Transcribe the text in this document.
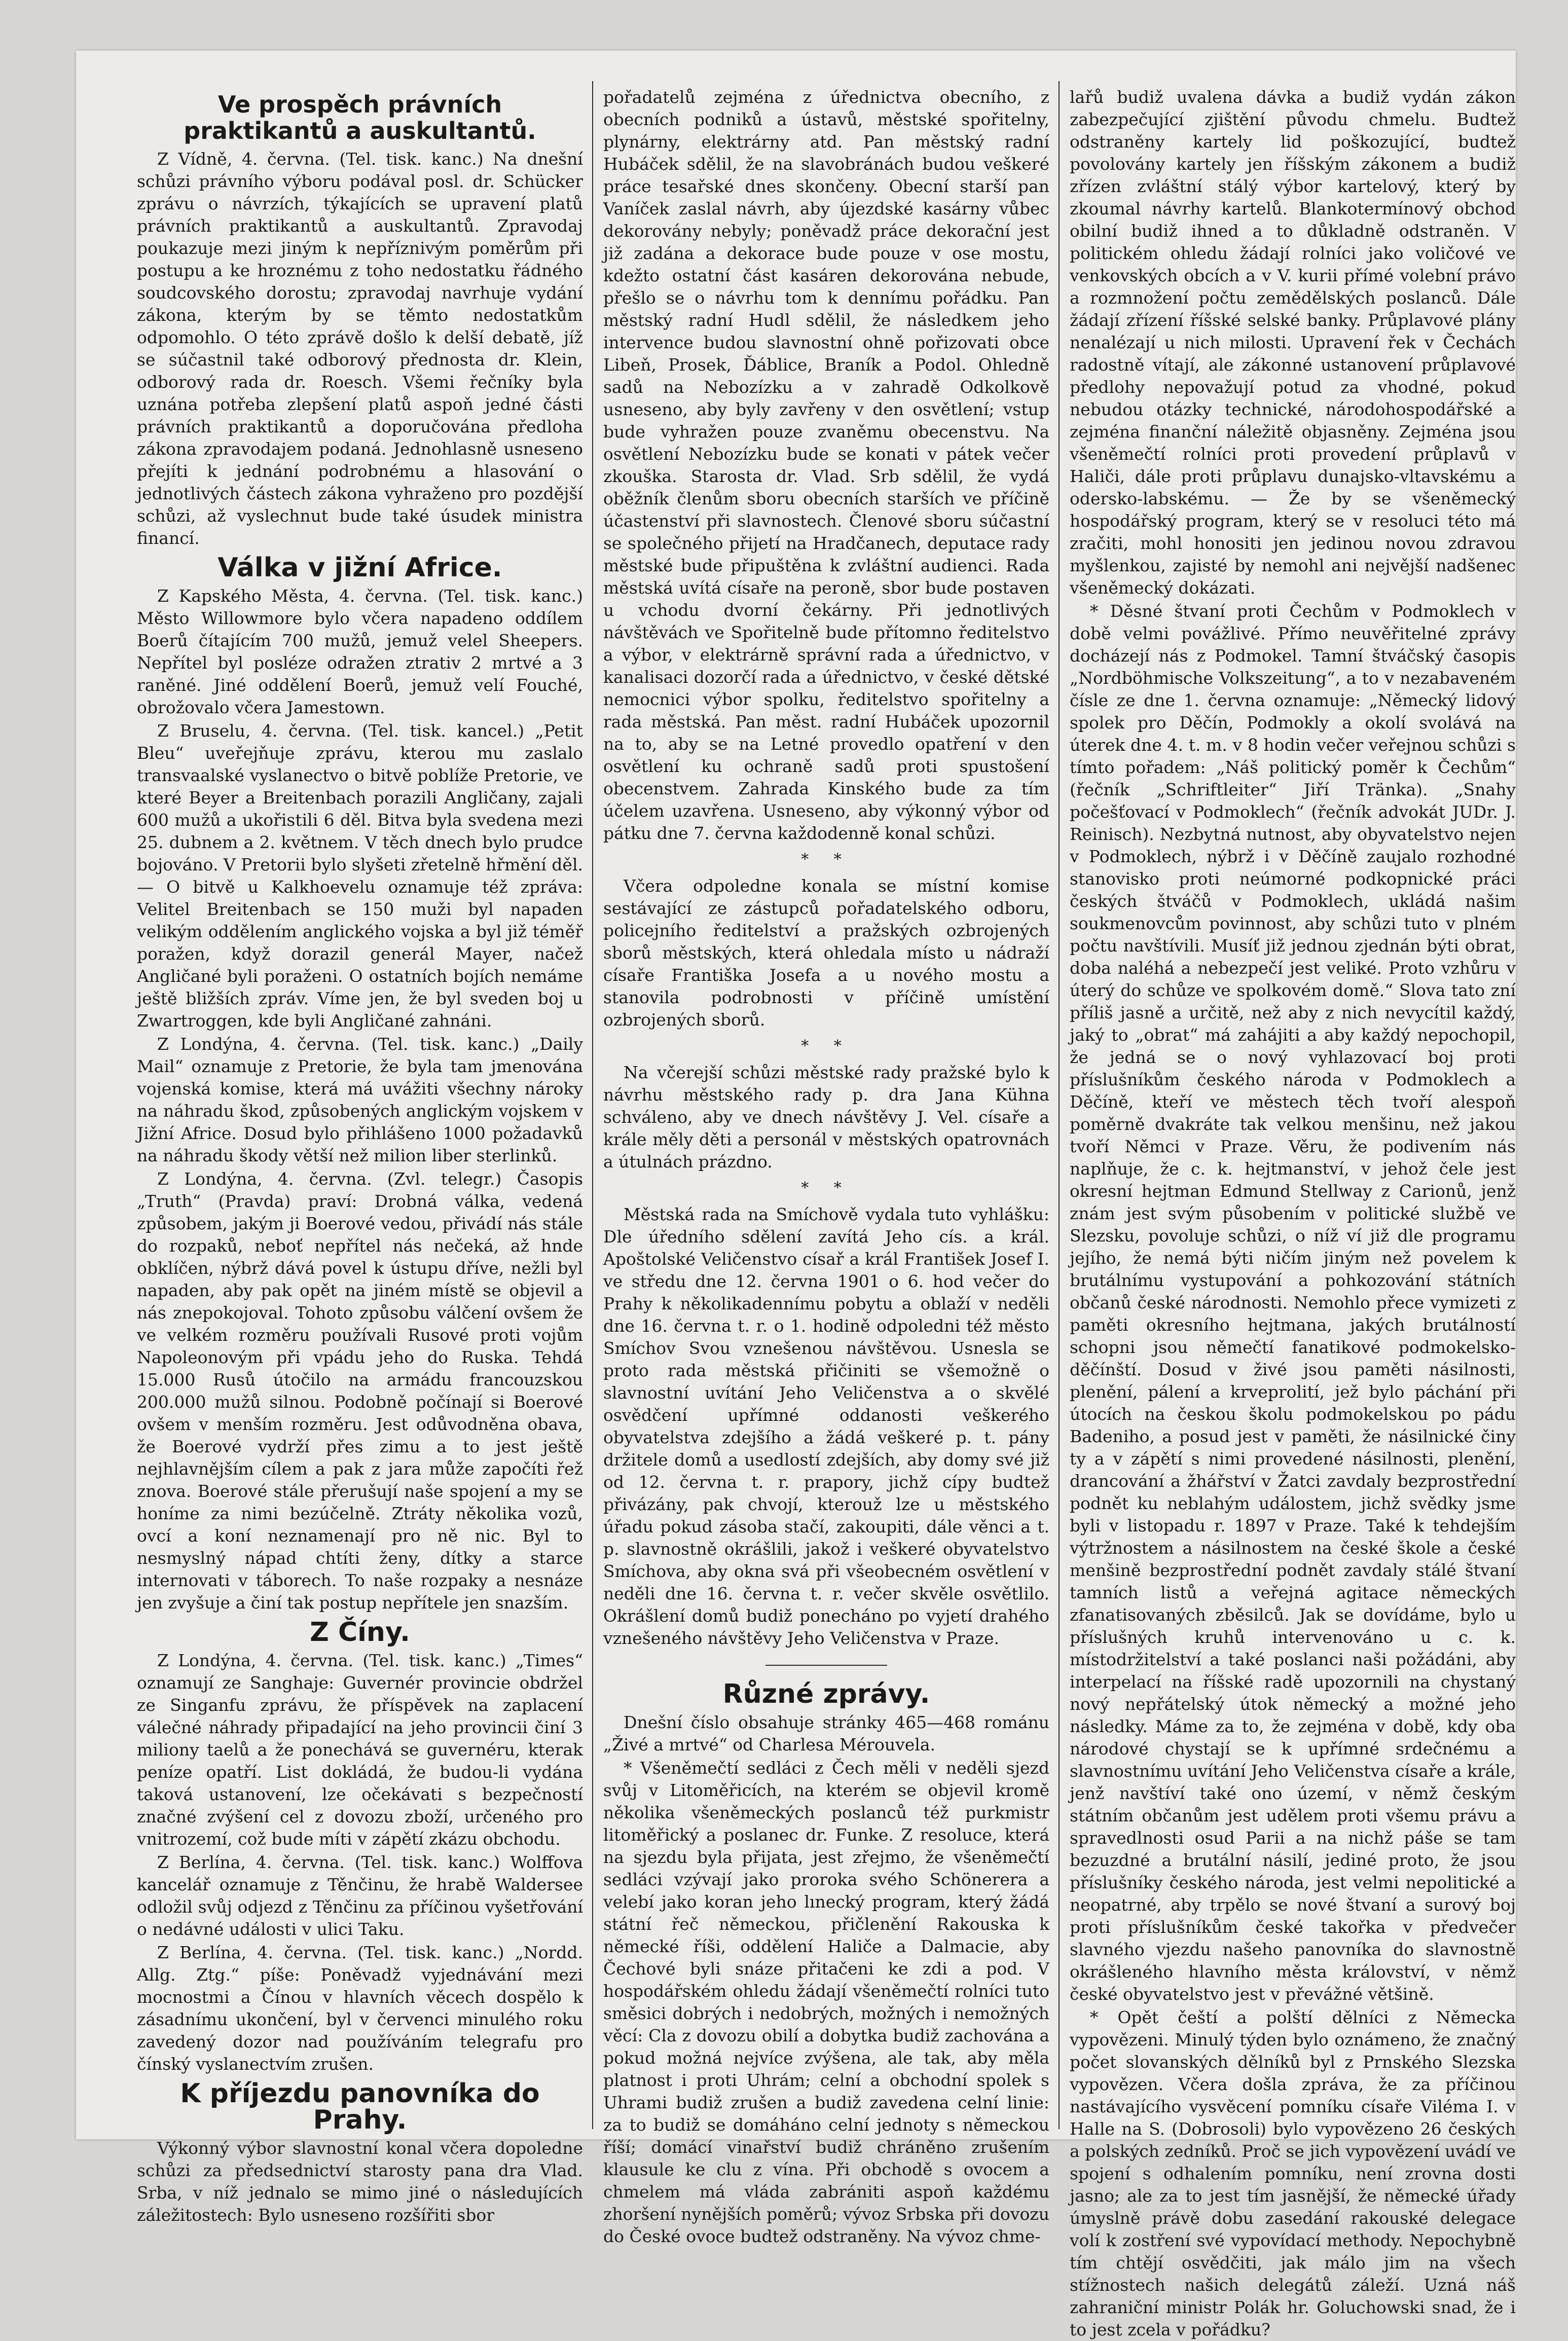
Ve prospěch právních praktikantů a auskultantů.

Z Vídně, 4. června. (Tel. tisk. kanc.) Na dnešní schůzi právního výboru podával posl. dr. Schücker zprávu o návrzích, týkajících se upravení platů právních praktikantů a auskultantů. Zpravodaj poukazuje mezi jiným k nepříznivým poměrům při postupu a ke hroznému z toho nedostatku řádného soudcovského dorostu; zpravodaj navrhuje vydání zákona, kterým by se těmto nedostatkům odpomohlo. O této zprávě došlo k delší debatě, jíž se súčastnil také odborový přednosta dr. Klein, odborový rada dr. Roesch. Všemi řečníky byla uznána potřeba zlepšení platů aspoň jedné části právních praktikantů a doporučována předloha zákona zpravodajem podaná. Jednohlasně usneseno přejíti k jednání podrobnému a hlasování o jednotlivých částech zákona vyhraženo pro pozdější schůzi, až vyslechnut bude také úsudek ministra financí.

Válka v jižní Africe.

Z Kapského Města, 4. června. (Tel. tisk. kanc.) Město Willowmore bylo včera napadeno oddílem Boerů čítajícím 700 mužů, jemuž velel Sheepers. Nepřítel byl posléze odražen ztrativ 2 mrtvé a 3 raněné. Jiné oddělení Boerů, jemuž velí Fouché, obrožovalo včera Jamestown.

Z Bruselu, 4. června. (Tel. tisk. kancel.) „Petit Bleu“ uveřejňuje zprávu, kterou mu zaslalo transvaalské vyslanectvo o bitvě poblíže Pretorie, ve které Beyer a Breitenbach porazili Angličany, zajali 600 mužů a ukořistili 6 děl. Bitva byla svedena mezi 25. dubnem a 2. květnem. V těch dnech bylo prudce bojováno. V Pretorii bylo slyšeti zřetelně hřmění děl. — O bitvě u Kalkhoevelu oznamuje též zpráva: Velitel Breitenbach se 150 muži byl napaden velikým oddělením anglického vojska a byl již téměř poražen, když dorazil generál Mayer, načež Angličané byli poraženi. O ostatních bojích nemáme ještě bližších zpráv. Víme jen, že byl sveden boj u Zwartroggen, kde byli Angličané zahnáni.

Z Londýna, 4. června. (Tel. tisk. kanc.) „Daily Mail“ oznamuje z Pretorie, že byla tam jmenována vojenská komise, která má uvážiti všechny nároky na náhradu škod, způsobených anglickým vojskem v Jižní Africe. Dosud bylo přihlášeno 1000 požadavků na náhradu škody větší než milion liber sterlinků.

Z Londýna, 4. června. (Zvl. telegr.) Časopis „Truth“ (Pravda) praví: Drobná válka, vedená způsobem, jakým ji Boerové vedou, přivádí nás stále do rozpaků, neboť nepřítel nás nečeká, až hnde obklíčen, nýbrž dává povel k ústupu dříve, nežli byl napaden, aby pak opět na jiném místě se objevil a nás znepokojoval. Tohoto způsobu válčení ovšem že ve velkém rozměru používali Rusové proti vojům Napoleonovým při vpádu jeho do Ruska. Tehdá 15.000 Rusů útočilo na armádu francouzskou 200.000 mužů silnou. Podobně počínají si Boerové ovšem v menším rozměru. Jest odůvodněna obava, že Boerové vydrží přes zimu a to jest ještě nejhlavnějším cílem a pak z jara může započíti řež znova. Boerové stále přerušují naše spojení a my se honíme za nimi bezúčelně. Ztráty několika vozů, ovcí a koní neznamenají pro ně nic. Byl to nesmyslný nápad chtíti ženy, dítky a starce internovati v táborech. To naše rozpaky a nesnáze jen zvyšuje a činí tak postup nepřítele jen snazším.

Z Číny.

Z Londýna, 4. června. (Tel. tisk. kanc.) „Times“ oznamují ze Sanghaje: Guvernér provincie obdržel ze Singanfu zprávu, že příspěvek na zaplacení válečné náhrady připadající na jeho provincii činí 3 miliony taelů a že ponechává se guvernéru, kterak peníze opatří. List dokládá, že budou-li vydána taková ustanovení, lze očekávati s bezpečností značné zvýšení cel z dovozu zboží, určeného pro vnitrozemí, což bude míti v zápětí zkázu obchodu.

Z Berlína, 4. června. (Tel. tisk. kanc.) Wolffova kancelář oznamuje z Těnčinu, že hrabě Waldersee odložil svůj odjezd z Těnčinu za příčinou vyšetřování o nedávné události v ulici Taku.

Z Berlína, 4. června. (Tel. tisk. kanc.) „Nordd. Allg. Ztg.“ píše: Poněvadž vyjednávání mezi mocnostmi a Čínou v hlavních věcech dospělo k zásadnímu ukončení, byl v červenci minulého roku zavedený dozor nad používáním telegrafu pro čínský vyslanectvím zrušen.

K příjezdu panovníka do Prahy.

Výkonný výbor slavnostní konal včera dopoledne schůzi za předsednictví starosty pana dra Vlad. Srba, v níž jednalo se mimo jiné o následujících záležitostech: Bylo usneseno rozšířiti sbor

pořadatelů zejména z úřednictva obecního, z obecních podniků a ústavů, městské spořitelny, plynárny, elektrárny atd. Pan městský radní Hubáček sdělil, že na slavobránách budou veškeré práce tesařské dnes skončeny. Obecní starší pan Vaníček zaslal návrh, aby újezdské kasárny vůbec dekorovány nebyly; poněvadž práce dekorační jest již zadána a dekorace bude pouze v ose mostu, kdežto ostatní část kasáren dekorována nebude, přešlo se o návrhu tom k dennímu pořádku. Pan městský radní Hudl sdělil, že následkem jeho intervence budou slavnostní ohně pořizovati obce Libeň, Prosek, Ďáblice, Braník a Podol. Ohledně sadů na Nebozízku a v zahradě Odkolkově usneseno, aby byly zavřeny v den osvětlení; vstup bude vyhražen pouze zvaněmu obecenstvu. Na osvětlení Nebozízku bude se konati v pátek večer zkouška. Starosta dr. Vlad. Srb sdělil, že vydá oběžník členům sboru obecních starších ve příčině účastenství při slavnostech. Členové sboru súčastní se společného přijetí na Hradčanech, deputace rady městské bude připuštěna k zvláštní audienci. Rada městská uvítá císaře na peroně, sbor bude postaven u vchodu dvorní čekárny. Při jednotlivých návštěvách ve Spořitelně bude přítomno ředitelstvo a výbor, v elektrárně správní rada a úřednictvo, v kanalisaci dozorčí rada a úřednictvo, v české dětské nemocnici výbor spolku, ředitelstvo spořitelny a rada městská. Pan měst. radní Hubáček upozornil na to, aby se na Letné provedlo opatření v den osvětlení ku ochraně sadů proti spustošení obecenstvem. Zahrada Kinského bude za tím účelem uzavřena. Usneseno, aby výkonný výbor od pátku dne 7. června každodenně konal schůzi.

* *

Včera odpoledne konala se místní komise sestávající ze zástupců pořadatelského odboru, policejního ředitelství a pražských ozbrojených sborů městských, která ohledala místo u nádraží císaře Františka Josefa a u nového mostu a stanovila podrobnosti v příčině umístění ozbrojených sborů.

* *

Na včerejší schůzi městské rady pražské bylo k návrhu městského rady p. dra Jana Kühna schváleno, aby ve dnech návštěvy J. Vel. císaře a krále měly děti a personál v městských opatrovnách a útulnách prázdno.

* *

Městská rada na Smíchově vydala tuto vyhlášku: Dle úředního sdělení zavítá Jeho cís. a král. Apoštolské Veličenstvo císař a král František Josef I. ve středu dne 12. června 1901 o 6. hod večer do Prahy k několikadennímu pobytu a oblaží v neděli dne 16. června t. r. o 1. hodině odpoledni též město Smíchov Svou vznešenou návštěvou. Usnesla se proto rada městská přičiniti se všemožně o slavnostní uvítání Jeho Veličenstva a o skvělé osvědčení upřímné oddanosti veškerého obyvatelstva zdejšího a žádá veškeré p. t. pány držitele domů a usedlostí zdejších, aby domy své již od 12. června t. r. prapory, jichž cípy budtež přivázány, pak chvojí, kterouž lze u městského úřadu pokud zásoba stačí, zakoupiti, dále věnci a t. p. slavnostně okrášlili, jakož i veškeré obyvatelstvo Smíchova, aby okna svá při všeobecném osvětlení v neděli dne 16. června t. r. večer skvěle osvětlilo. Okrášlení domů budiž ponecháno po vyjetí drahého vznešeného návštěvy Jeho Veličenstva v Praze.

Různé zprávy.

Dnešní číslo obsahuje stránky 465—468 románu „Živé a mrtvé“ od Charlesa Mérouvela.

* Všeněmečtí sedláci z Čech měli v neděli sjezd svůj v Litoměřicích, na kterém se objevil kromě několika všeněmeckých poslanců též purkmistr litoměřický a poslanec dr. Funke. Z resoluce, která na sjezdu byla přijata, jest zřejmo, že všeněmečtí sedláci vzývají jako proroka svého Schönerera a velebí jako koran jeho lınecký program, který žádá státní řeč německou, přičlenění Rakouska k německé říši, oddělení Haliče a Dalmacie, aby Čechové byli snáze přitačeni ke zdi a pod. V hospodářském ohledu žádají všeněmečtí rolníci tuto směsici dobrých i nedobrých, možných i nemožných věcí: Cla z dovozu obilí a dobytka budiž zachována a pokud možná nejvíce zvýšena, ale tak, aby měla platnost i proti Uhrám; celní a obchodní spolek s Uhrami budiž zrušen a budiž zavedena celní linie: za to budiž se domáháno celní jednoty s německou říší; domácí vinařství budiž chráněno zrušením klausule ke clu z vína. Při obchodě s ovocem a chmelem má vláda zabrániti aspoň každému zhoršení nynějších poměrů; vývoz Srbska při dovozu do České ovoce budtež odstraněny. Na vývoz chme-

lařů budiž uvalena dávka a budiž vydán zákon zabezpečující zjištění původu chmelu. Budtež odstraněny kartely lid poškozující, budtež povolovány kartely jen říšským zákonem a budiž zřízen zvláštní stálý výbor kartelový, který by zkoumal návrhy kartelů. Blankotermínový obchod obilní budiž ihned a to důkladně odstraněn. V politickém ohledu žádají rolníci jako voličové ve venkovských obcích a v V. kurii přímé volební právo a rozmnožení počtu zemědělských poslanců. Dále žádají zřízení říšské selské banky. Průplavové plány nenalézají u nich milosti. Upravení řek v Čechách radostně vítají, ale zákonné ustanovení průplavové předlohy nepovažují potud za vhodné, pokud nebudou otázky technické, národohospodářské a zejména finanční náležitě objasněny. Zejména jsou všeněmečtí rolníci proti provedení průplavů v Haliči, dále proti průplavu dunajsko-vltavskému a odersko-labskému. — Že by se všeněmecký hospodářský program, který se v resoluci této má zračiti, mohl honositi jen jedinou novou zdravou myšlenkou, zajisté by nemohl ani nejvější nadšenec všeněmecký dokázati.

* Děsné štvaní proti Čechům v Podmoklech v době velmi povážlivé. Přímo neuvěřitelné zprávy docházejí nás z Podmokel. Tamní štváčský časopis „Nordböhmische Volkszeitung“, a to v nezabaveném čísle ze dne 1. června oznamuje: „Německý lidový spolek pro Děčín, Podmokly a okolí svolává na úterek dne 4. t. m. v 8 hodin večer veřejnou schůzi s tímto pořadem: „Náš politický poměr k Čechům“ (řečník „Schriftleiter“ Jiří Tränka). „Snahy počešťovací v Podmoklech“ (řečník advokát JUDr. J. Reinisch). Nezbytná nutnost, aby obyvatelstvo nejen v Podmoklech, nýbrž i v Děčíně zaujalo rozhodné stanovisko proti neúmorné podkopnické práci českých štváčů v Podmoklech, ukládá našim soukmenovcům povinnost, aby schůzi tuto v plném počtu navštívili. Musíť již jednou zjednán býti obrat, doba naléhá a nebezpečí jest veliké. Proto vzhůru v úterý do schůze ve spolkovém domě.“ Slova tato zní příliš jasně a určitě, než aby z nich nevycítil každý, jaký to „obrat“ má zahájiti a aby každý nepochopil, že jedná se o nový vyhlazovací boj proti příslušníkům českého národa v Podmoklech a Děčíně, kteří ve městech těch tvoří alespoň poměrně dvakráte tak velkou menšinu, než jakou tvoří Němci v Praze. Věru, že podivením nás naplňuje, že c. k. hejtmanství, v jehož čele jest okresní hejtman Edmund Stellway z Carionů, jenž znám jest svým působením v politické službě ve Slezsku, povoluje schůzi, o níž ví již dle programu jejího, že nemá býti ničím jiným než povelem k brutálnímu vystupování a pohkozování státních občanů české národnosti. Nemohlo přece vymizeti z paměti okresního hejtmana, jakých brutálností schopni jsou němečtí fanatikové podmokelsko-děčínští. Dosud v živé jsou paměti násilnosti, plenění, pálení a krveprolití, jež bylo páchání při útocích na českou školu podmokelskou po pádu Badeniho, a posud jest v paměti, že násilnické činy ty a v zápětí s nimi provedené násilnosti, plenění, drancování a žhářství v Žatci zavdaly bezprostřední podnět ku neblahým událostem, jichž svědky jsme byli v listopadu r. 1897 v Praze. Také k tehdejším výtržnostem a násilnostem na české škole a české menšině bezprostřední podnět zavdaly stálé štvaní tamních listů a veřejná agitace německých zfanatisovaných zběsilců. Jak se dovídáme, bylo u příslušných kruhů intervenováno u c. k. místodržitelství a také poslanci naši požádáni, aby interpelací na říšské radě upozornili na chystaný nový nepřátelský útok německý a možné jeho následky. Máme za to, že zejména v době, kdy oba národové chystají se k upřímné srdečnému a slavnostnímu uvítání Jeho Veličenstva císaře a krále, jenž navštíví také ono území, v němž českým státním občanům jest udělem proti všemu právu a spravedlnosti osud Parii a na nichž páše se tam bezuzdné a brutální násilí, jediné proto, že jsou příslušníky českého národa, jest velmi nepolitické a neopatrné, aby trpělo se nové štvaní a surový boj proti příslušníkům české takořka v předvečer slavného vjezdu našeho panovníka do slavnostně okrášleného hlavního města království, v němž české obyvatelstvo jest v převážné většině.

* Opět čeští a polští dělníci z Německa vypovězeni. Minulý týden bylo oznámeno, že značný počet slovanských dělníků byl z Prnského Slezska vypovězen. Včera došla zpráva, že za příčinou nastávajícího vysvěcení pomníku císaře Viléma I. v Halle na S. (Dobrosoli) bylo vypovězeno 26 českých a polských zedníků. Proč se jich vypovězení uvádí ve spojení s odhalením pomníku, není zrovna dosti jasno; ale za to jest tím jasnější, že německé úřady úmyslně právě dobu zasedání rakouské delegace volí k zostření své vypovídací methody. Nepochybně tím chtějí osvědčiti, jak málo jim na všech stížnostech našich delegátů záleží. Uzná náš zahraniční ministr Polák hr. Goluchowski snad, že i to jest zcela v pořádku?
